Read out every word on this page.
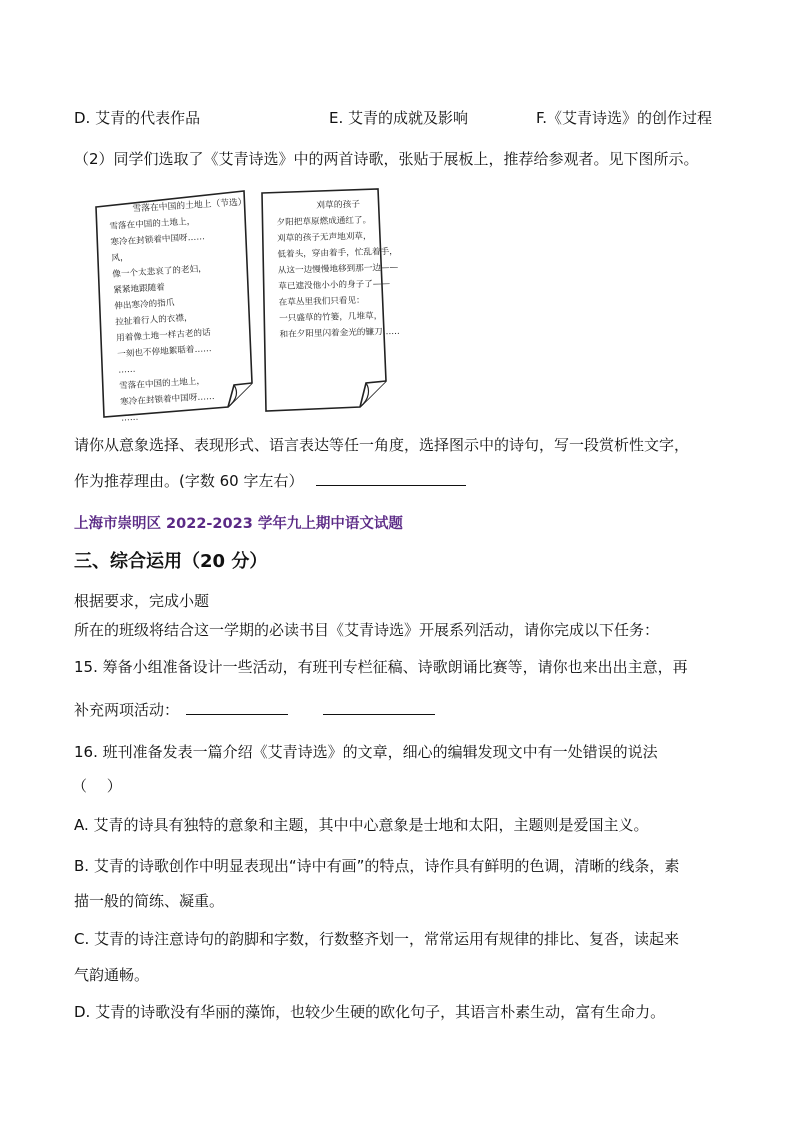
D. 艾青的代表作品	E. 艾青的成就及影响	F.《艾青诗选》的创作过程
（2）同学们选取了《艾青诗选》中的两首诗歌，张贴于展板上，推荐给参观者。见下图所示。
雪落在中国的土地上（节选）
雪落在中国的土地上，
寒冷在封锁着中国呀……
风，
像一个太悲哀了的老妇，
紧紧地跟随着
伸出寒冷的指爪
拉扯着行人的衣襟，
用着像土地一样古老的话
一刻也不停地絮聒着……
……
雪落在中国的土地上，
寒冷在封锁着中国呀……
……
刈草的孩子
夕阳把草原燃成通红了。
刈草的孩子无声地刈草，
低着头，穿由着手，忙乱着手，
从这一边慢慢地移到那一边——
草已遮没他小小的身子了——
在草丛里我们只看见：
一只盛草的竹篓，几堆草，
和在夕阳里闪着金光的镰刀……
请你从意象选择、表现形式、语言表达等任一角度，选择图示中的诗句，写一段赏析性文字，
作为推荐理由。(字数 60 字左右）
上海市崇明区 2022-2023 学年九上期中语文试题
三、综合运用（20 分）
根据要求，完成小题
所在的班级将结合这一学期的必读书目《艾青诗选》开展系列活动，请你完成以下任务：
15. 筹备小组准备设计一些活动，有班刊专栏征稿、诗歌朗诵比赛等，请你也来出出主意，再
补充两项活动：
16. 班刊准备发表一篇介绍《艾青诗选》的文章，细心的编辑发现文中有一处错误的说法
（　 ）
A. 艾青的诗具有独特的意象和主题，其中中心意象是士地和太阳，主题则是爱国主义。
B. 艾青的诗歌创作中明显表现出“诗中有画”的特点，诗作具有鲜明的色调，清晰的线条，素
描一般的简练、凝重。
C. 艾青的诗注意诗句的韵脚和字数，行数整齐划一，常常运用有规律的排比、复沓，读起来
气韵通畅。
D. 艾青的诗歌没有华丽的藻饰，也较少生硬的欧化句子，其语言朴素生动，富有生命力。
